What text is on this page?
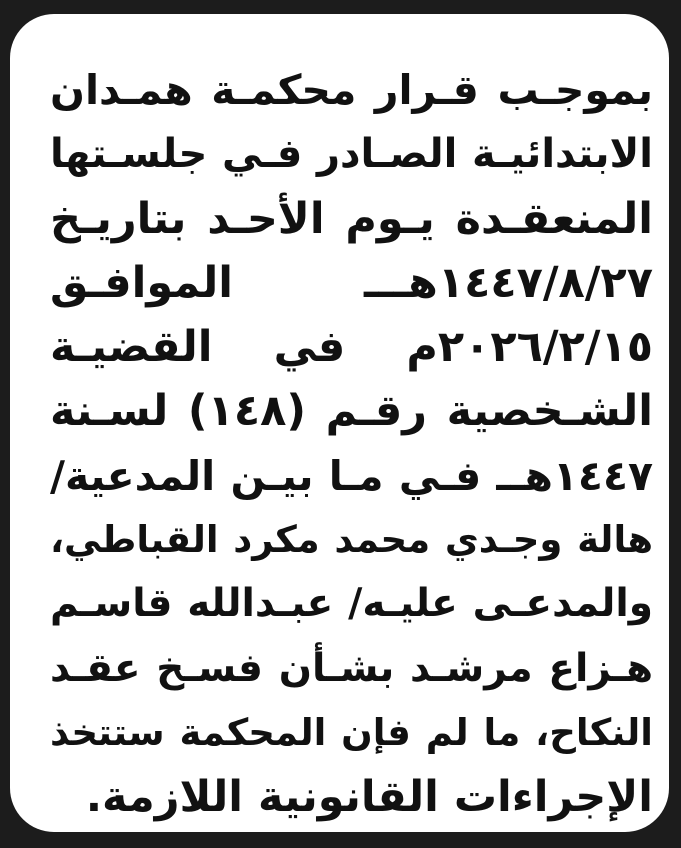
بموجـب قـرار محكمـة همـدان
الابتدائيـة الصـادر فـي جلسـتها
المنعقـدة يـوم الأحـد بتاريـخ
١٤٤٧/٨/٢٧هـــ الموافـق
٢٠٢٦/٢/١٥م في القضيـة
الشـخصية رقـم (١٤٨) لسـنة
١٤٤٧هــ فـي مـا بيـن المدعية/
هالة وجـدي محمد مكرد القباطي،
والمدعـى عليـه/ عبـدالله قاسـم
هـزاع مرشـد بشـأن فسـخ عقـد
النكاح، ما لم فإن المحكمة ستتخذ
الإجراءات القانونية اللازمة.
